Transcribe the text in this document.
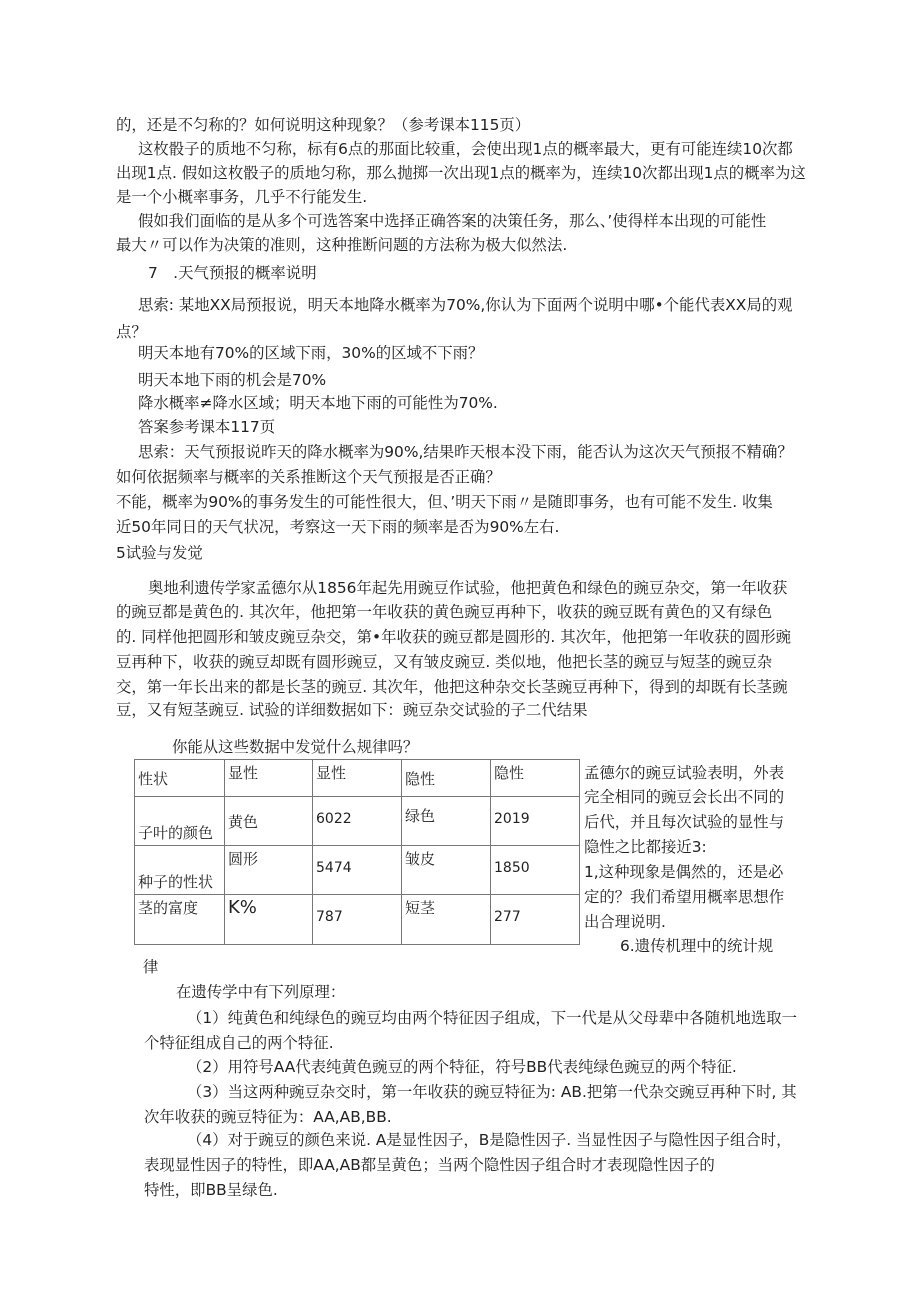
的，还是不匀称的？如何说明这种现象？（参考课本115页）
这枚骰子的质地不匀称，标有6点的那面比较重，会使出现1点的概率最大，更有可能连续10次都
出现1点. 假如这枚骰子的质地匀称，那么抛掷一次出现1点的概率为，连续10次都出现1点的概率为这
是一个小概率事务，几乎不行能发生.
假如我们面临的是从多个可选答案中选择正确答案的决策任务，那么、’使得样本出现的可能性
最大〃可以作为决策的准则，这种推断问题的方法称为极大似然法.
7　.天气预报的概率说明
思索: 某地XX局预报说，明天本地降水概率为70%,你认为下面两个说明中哪•个能代表XX局的观
点？
明天本地有70%的区域下雨，30%的区域不下雨？
明天本地下雨的机会是70%
降水概率≠降水区域；明天本地下雨的可能性为70%.
答案参考课本117页
思索：天气预报说昨天的降水概率为90%,结果昨天根本没下雨，能否认为这次天气预报不精确？
如何依据频率与概率的关系推断这个天气预报是否正确？
不能，概率为90%的事务发生的可能性很大，但、’明天下雨〃是随即事务，也有可能不发生. 收集
近50年同日的天气状况，考察这一天下雨的频率是否为90%左右.
5试验与发觉
奥地利遗传学家孟德尔从1856年起先用豌豆作试验，他把黄色和绿色的豌豆杂交，第一年收获
的豌豆都是黄色的. 其次年，他把第一年收获的黄色豌豆再种下，收获的豌豆既有黄色的又有绿色
的. 同样他把圆形和皱皮豌豆杂交，第•年收获的豌豆都是圆形的. 其次年，他把第一年收获的圆形豌
豆再种下，收获的豌豆却既有圆形豌豆，又有皱皮豌豆. 类似地，他把长茎的豌豆与短茎的豌豆杂
交，第一年长出来的都是长茎的豌豆. 其次年，他把这种杂交长茎豌豆再种下，得到的却既有长茎豌
豆，又有短茎豌豆. 试验的详细数据如下：豌豆杂交试验的子二代结果
你能从这些数据中发觉什么规律吗？
性状	显性	显性	隐性	隐性
子叶的颜色	黄色	6022	绿色	2019
种子的性状	圆形	5474	皱皮	1850
茎的富度	K%	787	短茎	277
孟德尔的豌豆试验表明，外表
完全相同的豌豆会长出不同的
后代，并且每次试验的显性与
隐性之比都接近3:
1,这种现象是偶然的，还是必
定的？我们希望用概率思想作
出合理说明.
6.遗传机理中的统计规
律
在遗传学中有下列原理：
（1）纯黄色和纯绿色的豌豆均由两个特征因子组成，下一代是从父母辈中各随机地选取一
个特征组成自己的两个特征.
（2）用符号AA代表纯黄色豌豆的两个特征，符号BB代表纯绿色豌豆的两个特征.
（3）当这两种豌豆杂交时，第一年收获的豌豆特征为: AB.把第一代杂交豌豆再种下时, 其
次年收获的豌豆特征为：AA,AB,BB.
（4）对于豌豆的颜色来说. A是显性因子，B是隐性因子. 当显性因子与隐性因子组合时，
表现显性因子的特性，即AA,AB都呈黄色；当两个隐性因子组合时才表现隐性因子的
特性，即BB呈绿色.
